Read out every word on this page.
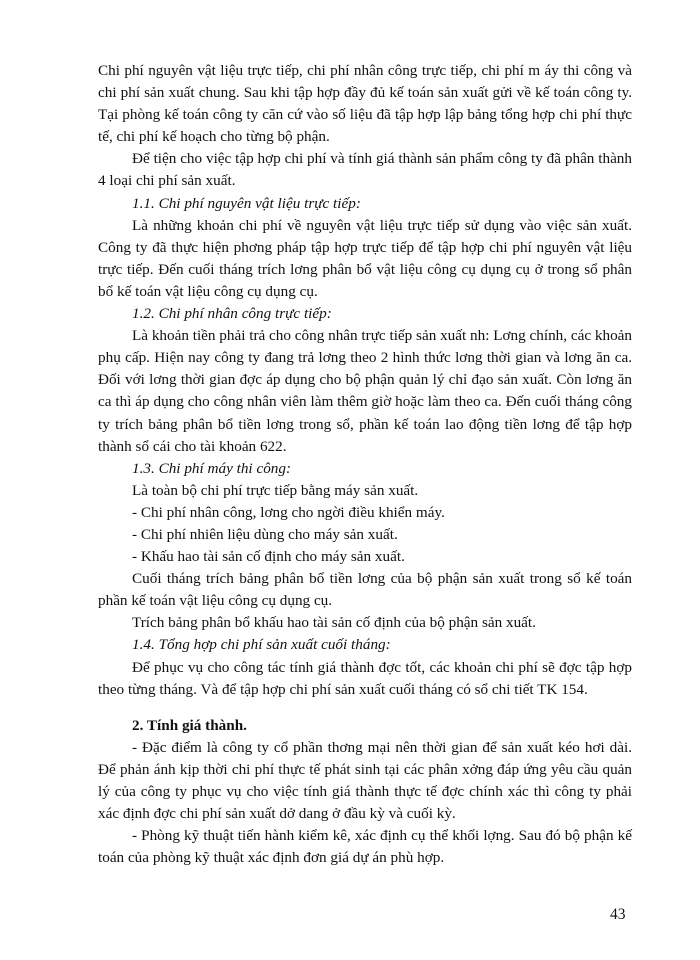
Chi phí nguyên vật liệu trực tiếp, chi phí nhân công trực tiếp, chi phí m áy thi công và chi phí sản xuất chung. Sau khi tập hợp đầy đủ kế toán sản xuất gửi về kế toán công ty. Tại phòng kế toán công ty căn cứ vào số liệu đã tập hợp lập bảng tổng hợp chi phí thực tế, chi phí kế hoạch cho từng bộ phận.

Để tiện cho việc tập hợp chi phí và tính giá thành sản phẩm công ty đã phân thành 4 loại chi phí sản xuất.

1.1. Chi phí nguyên vật liệu trực tiếp:

Là những khoản chi phí về nguyên vật liệu trực tiếp sử dụng vào việc sản xuất. Công ty đã thực hiện phơng pháp tập hợp trực tiếp để tập hợp chi phí nguyên vật liệu trực tiếp. Đến cuối tháng trích lơng phân bổ vật liệu công cụ dụng cụ ở trong sổ phân bổ kế toán vật liệu công cụ dụng cụ.

1.2. Chi phí nhân công trực tiếp:

Là khoản tiền phải trả cho công nhân trực tiếp sản xuất nh: Lơng chính, các khoản phụ cấp. Hiện nay công ty đang trả lơng theo 2 hình thức lơng thời gian và lơng ăn ca. Đối với lơng thời gian đợc áp dụng cho bộ phận quản lý chỉ đạo sản xuất. Còn lơng ăn ca thì áp dụng cho công nhân viên làm thêm giờ hoặc làm theo ca. Đến cuối tháng công ty trích bảng phân bổ tiền lơng trong sổ, phần kế toán lao động tiền lơng để tập hợp thành sổ cái cho tài khoản 622.

1.3. Chi phí máy thi công:

Là toàn bộ chi phí trực tiếp bằng máy sản xuất.

- Chi phí nhân công, lơng cho ngời điều khiển máy.

- Chi phí nhiên liệu dùng cho máy sản xuất.

- Khấu hao tài sản cố định cho máy sản xuất.

Cuối tháng trích bảng phân bổ tiền lơng của bộ phận sản xuất trong sổ kế toán phần kế toán vật liệu công cụ dụng cụ.

Trích bảng phân bổ khấu hao tài sản cố định của bộ phận sản xuất.

1.4. Tổng hợp chi phí sản xuất cuối tháng:

Để phục vụ cho công tác tính giá thành đợc tốt, các khoản chi phí sẽ đợc tập hợp theo từng tháng. Và để tập hợp chi phí sản xuất cuối tháng có sổ chi tiết TK 154.

2. Tính giá thành.

- Đặc điểm là công ty cổ phần thơng mại nên thời gian để sản xuất kéo hơi dài. Để phản ánh kịp thời chi phí thực tế phát sinh tại các phân xởng đáp ứng yêu cầu quản lý của công ty phục vụ cho việc tính giá thành thực tế đợc chính xác thì công ty phải xác định đợc chi phí sản xuất dở dang ở đầu kỳ và cuối kỳ.

- Phòng kỹ thuật tiến hành kiểm kê, xác định cụ thể khối lợng. Sau đó bộ phận kế toán của phòng kỹ thuật xác định đơn giá dự án phù hợp.

43
